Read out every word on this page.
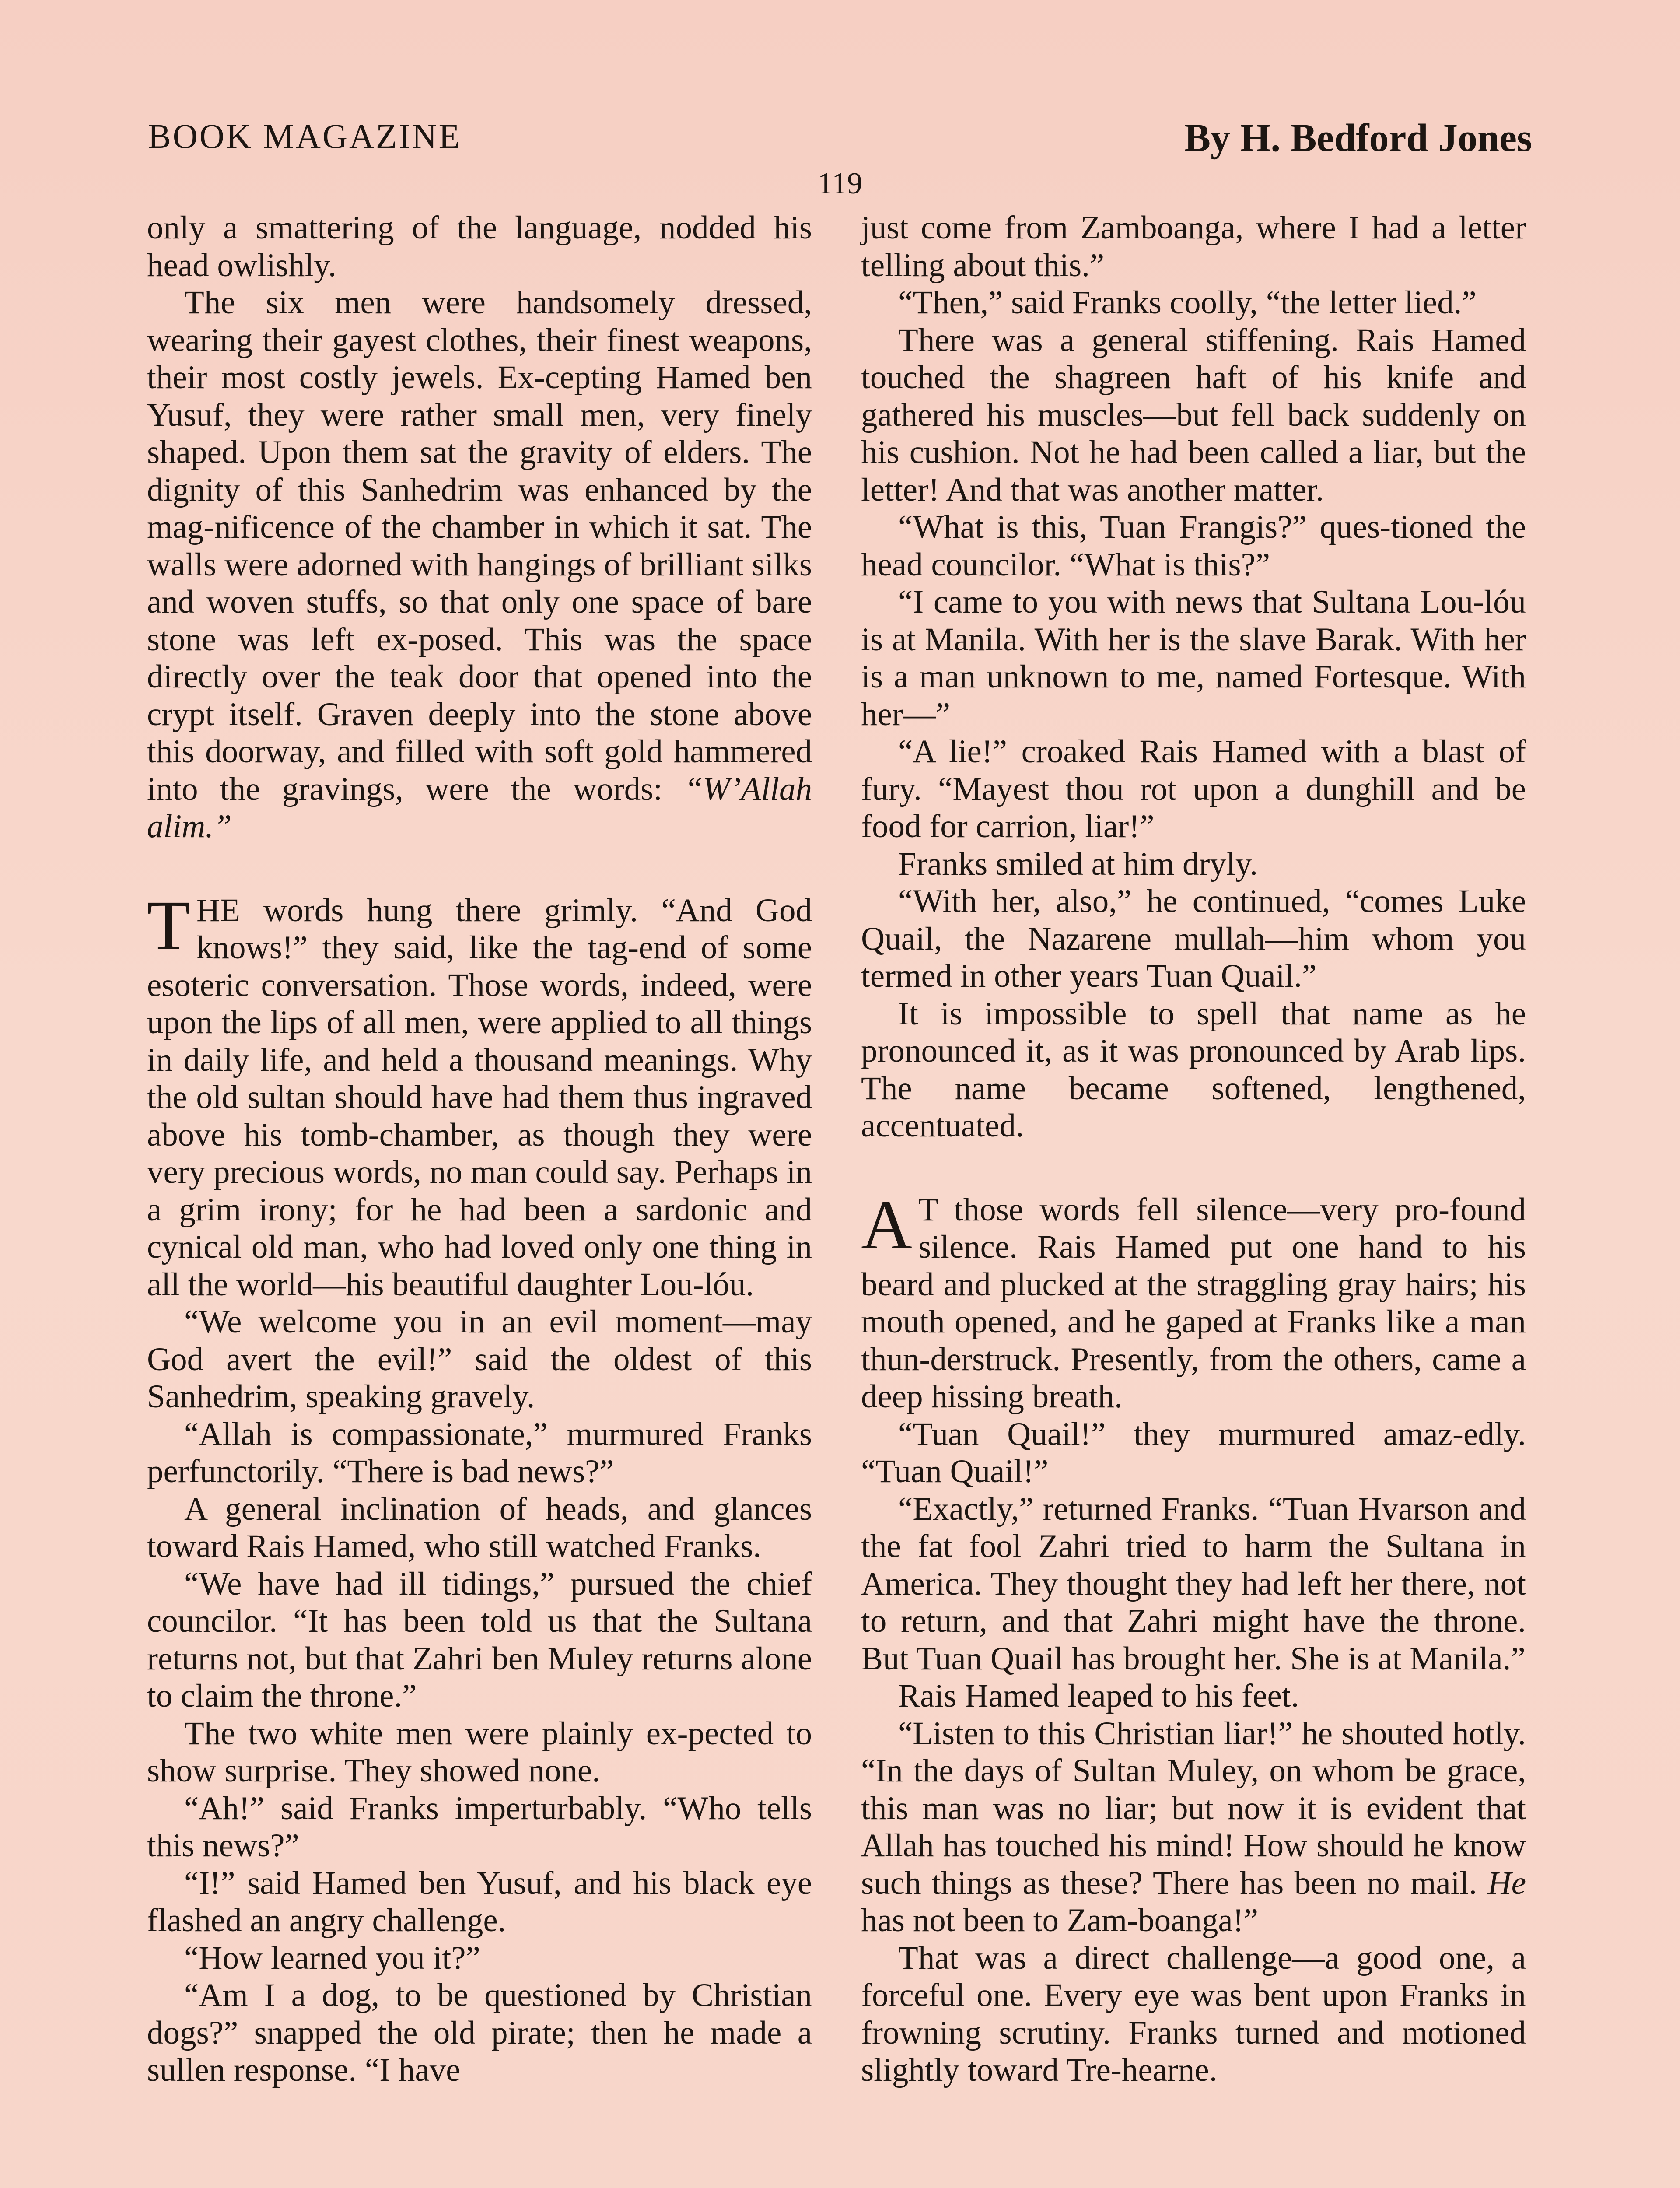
BOOK MAGAZINE	By H. Bedford Jones
119

only a smattering of the language, nodded his head owlishly.

The six men were handsomely dressed, wearing their gayest clothes, their finest weapons, their most costly jewels. Ex-cepting Hamed ben Yusuf, they were rather small men, very finely shaped. Upon them sat the gravity of elders. The dignity of this Sanhedrim was enhanced by the mag-nificence of the chamber in which it sat. The walls were adorned with hangings of brilliant silks and woven stuffs, so that only one space of bare stone was left ex-posed. This was the space directly over the teak door that opened into the crypt itself. Graven deeply into the stone above this doorway, and filled with soft gold hammered into the gravings, were the words: “W’Allah alim.”

THE words hung there grimly. “And God knows!” they said, like the tag-end of some esoteric conversation. Those words, indeed, were upon the lips of all men, were applied to all things in daily life, and held a thousand meanings. Why the old sultan should have had them thus ingraved above his tomb-chamber, as though they were very precious words, no man could say. Perhaps in a grim irony; for he had been a sardonic and cynical old man, who had loved only one thing in all the world—his beautiful daughter Lou-lóu.

“We welcome you in an evil moment—may God avert the evil!” said the oldest of this Sanhedrim, speaking gravely.

“Allah is compassionate,” murmured Franks perfunctorily. “There is bad news?”

A general inclination of heads, and glances toward Rais Hamed, who still watched Franks.

“We have had ill tidings,” pursued the chief councilor. “It has been told us that the Sultana returns not, but that Zahri ben Muley returns alone to claim the throne.”

The two white men were plainly ex-pected to show surprise. They showed none.

“Ah!” said Franks imperturbably. “Who tells this news?”

“I!” said Hamed ben Yusuf, and his black eye flashed an angry challenge.

“How learned you it?”

“Am I a dog, to be questioned by Christian dogs?” snapped the old pirate; then he made a sullen response. “I have

just come from Zamboanga, where I had a letter telling about this.”

“Then,” said Franks coolly, “the letter lied.”

There was a general stiffening. Rais Hamed touched the shagreen haft of his knife and gathered his muscles—but fell back suddenly on his cushion. Not he had been called a liar, but the letter! And that was another matter.

“What is this, Tuan Frangis?” ques-tioned the head councilor. “What is this?”

“I came to you with news that Sultana Lou-lóu is at Manila. With her is the slave Barak. With her is a man unknown to me, named Fortesque. With her—”

“A lie!” croaked Rais Hamed with a blast of fury. “Mayest thou rot upon a dunghill and be food for carrion, liar!”

Franks smiled at him dryly.

“With her, also,” he continued, “comes Luke Quail, the Nazarene mullah—him whom you termed in other years Tuan Quail.”

It is impossible to spell that name as he pronounced it, as it was pronounced by Arab lips. The name became softened, lengthened, accentuated.

A T those words fell silence—very pro-found silence. Rais Hamed put one hand to his beard and plucked at the straggling gray hairs; his mouth opened, and he gaped at Franks like a man thun-derstruck. Presently, from the others, came a deep hissing breath.

“Tuan Quail!” they murmured amaz-edly. “Tuan Quail!”

“Exactly,” returned Franks. “Tuan Hvarson and the fat fool Zahri tried to harm the Sultana in America. They thought they had left her there, not to return, and that Zahri might have the throne. But Tuan Quail has brought her. She is at Manila.”

Rais Hamed leaped to his feet.

“Listen to this Christian liar!” he shouted hotly. “In the days of Sultan Muley, on whom be grace, this man was no liar; but now it is evident that Allah has touched his mind! How should he know such things as these? There has been no mail. He has not been to Zam-boanga!”

That was a direct challenge—a good one, a forceful one. Every eye was bent upon Franks in frowning scrutiny. Franks turned and motioned slightly toward Tre-hearne.
